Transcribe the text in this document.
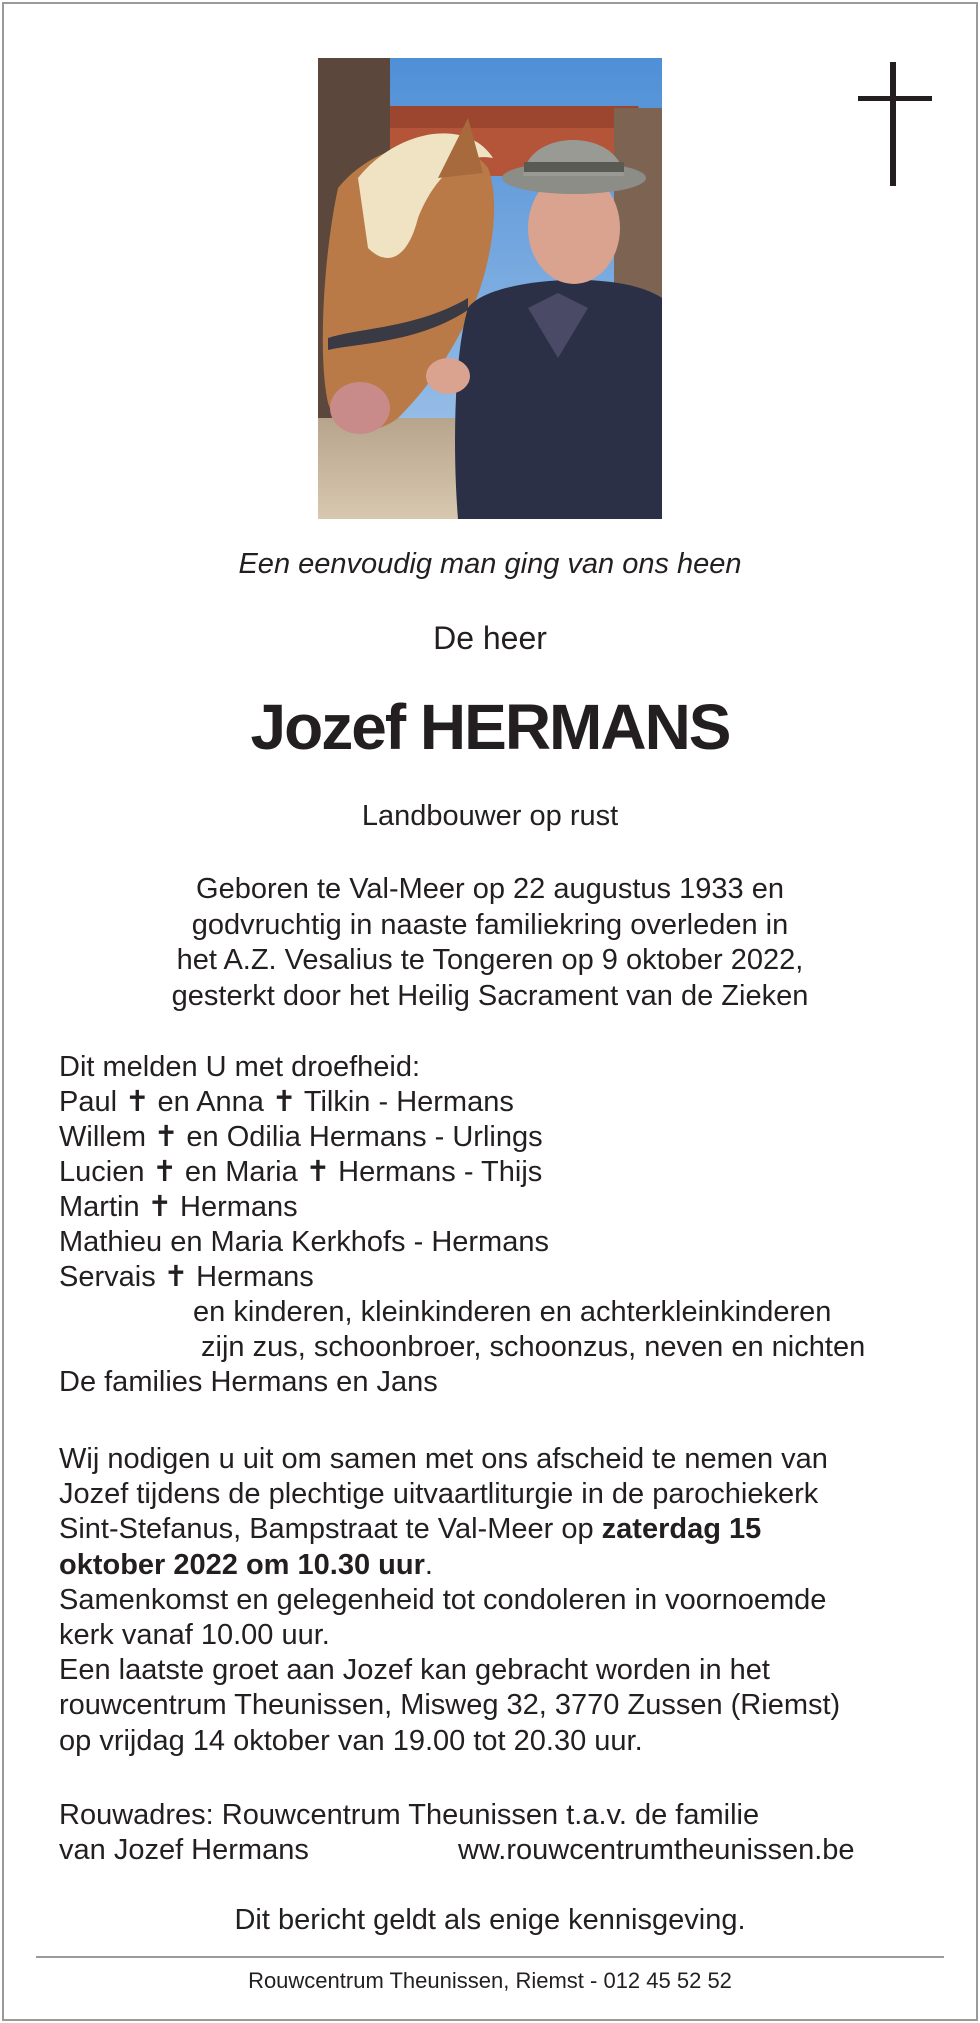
Een eenvoudig man ging van ons heen
De heer
Jozef HERMANS
Landbouwer op rust
Geboren te Val-Meer op 22 augustus 1933 en
godvruchtig in naaste familiekring overleden in
het A.Z. Vesalius te Tongeren op 9 oktober 2022,
gesterkt door het Heilig Sacrament van de Zieken
Dit melden U met droefheid:
Paul ✝ en Anna ✝ Tilkin - Hermans
Willem ✝ en Odilia Hermans - Urlings
Lucien ✝ en Maria ✝ Hermans - Thijs
Martin ✝ Hermans
Mathieu en Maria Kerkhofs - Hermans
Servais ✝ Hermans
en kinderen, kleinkinderen en achterkleinkinderen
zijn zus, schoonbroer, schoonzus, neven en nichten
De families Hermans en Jans
Wij nodigen u uit om samen met ons afscheid te nemen van
Jozef tijdens de plechtige uitvaartliturgie in de parochiekerk
Sint-Stefanus, Bampstraat te Val-Meer op zaterdag 15
oktober 2022 om 10.30 uur.
Samenkomst en gelegenheid tot condoleren in voornoemde
kerk vanaf 10.00 uur.
Een laatste groet aan Jozef kan gebracht worden in het
rouwcentrum Theunissen, Misweg 32, 3770 Zussen (Riemst)
op vrijdag 14 oktober van 19.00 tot 20.30 uur.
Rouwadres: Rouwcentrum Theunissen t.a.v. de familie
van Jozef Hermans	ww.rouwcentrumtheunissen.be
Dit bericht geldt als enige kennisgeving.
Rouwcentrum Theunissen, Riemst - 012 45 52 52
